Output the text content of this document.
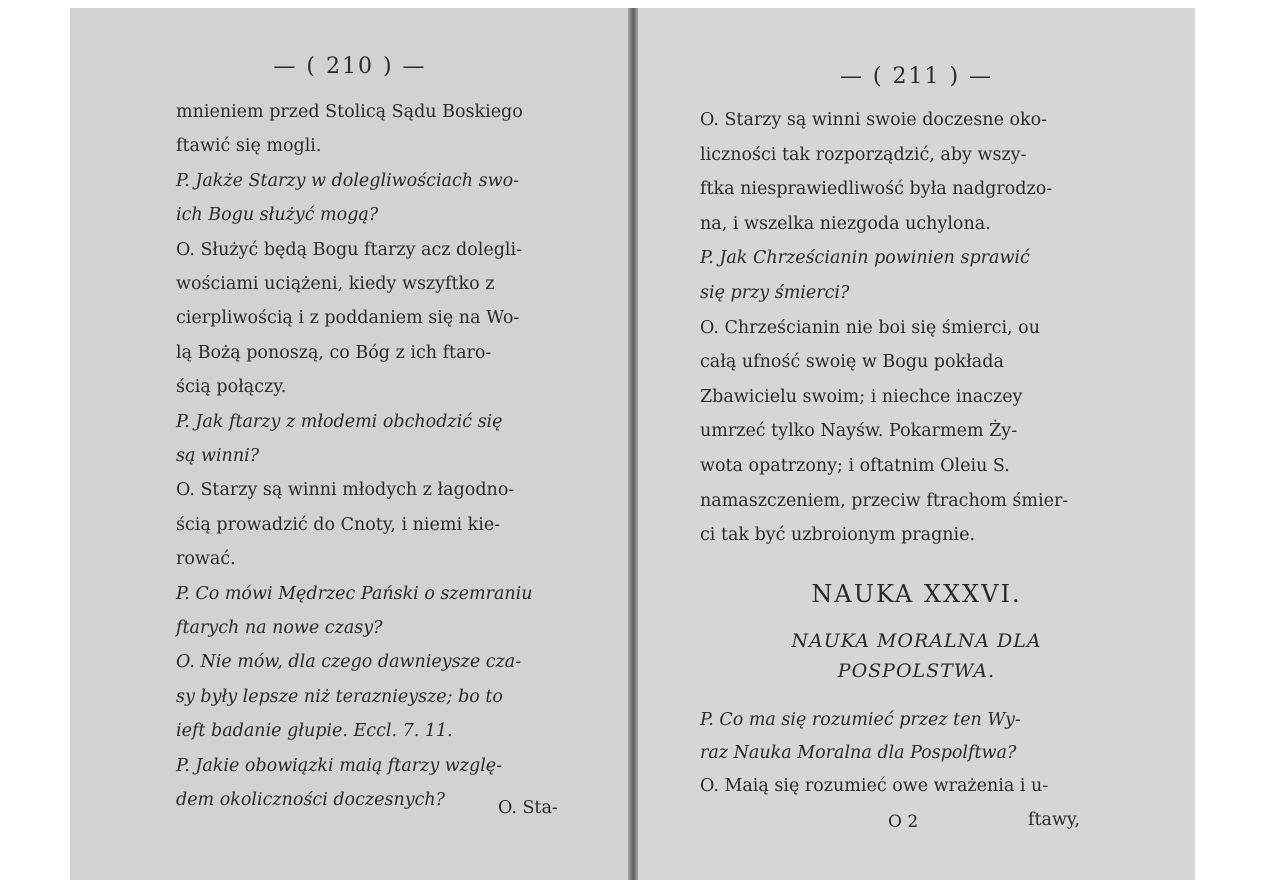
— ( 210 ) —
mnieniem przed Stolicą Sądu Boskiego
ftawić się mogli.
P. Jakże Starzy w dolegliwościach swo-
ich Bogu służyć mogą?
O. Służyć będą Bogu ftarzy acz dolegli-
wościami uciążeni, kiedy wszyftko z
cierpliwością i z poddaniem się na Wo-
lą Bożą ponoszą, co Bóg z ich ftaro-
ścią połączy.
P. Jak ftarzy z młodemi obchodzić się
są winni?
O. Starzy są winni młodych z łagodno-
ścią prowadzić do Cnoty, i niemi kie-
rować.
P. Co mówi Mędrzec Pański o szemraniu
ftarych na nowe czasy?
O. Nie mów, dla czego dawnieysze cza-
sy były lepsze niż teraznieysze; bo to
ieft badanie głupie. Eccl. 7. 11.
P. Jakie obowiązki maią ftarzy wzglę-
dem okoliczności doczesnych?	O. Sta-
— ( 211 ) —
O. Starzy są winni swoie doczesne oko-
liczności tak rozporządzić, aby wszy-
ftka niesprawiedliwość była nadgrodzo-
na, i wszelka niezgoda uchylona.
P. Jak Chrześcianin powinien sprawić
się przy śmierci?
O. Chrześcianin nie boi się śmierci, ou
całą ufność swoię w Bogu pokłada
Zbawicielu swoim; i niechce inaczey
umrzeć tylko Nayśw. Pokarmem Ży-
wota opatrzony; i oftatnim Oleiu S.
namaszczeniem, przeciw ftrachom śmier-
ci tak być uzbroionym pragnie.
NAUKA XXXVI.
NAUKA MORALNA DLA
POSPOLSTWA.
P. Co ma się rozumieć przez ten Wy-
raz Nauka Moralna dla Pospolftwa?
O. Maią się rozumieć owe wrażenia i u-
O 2	ftawy,
